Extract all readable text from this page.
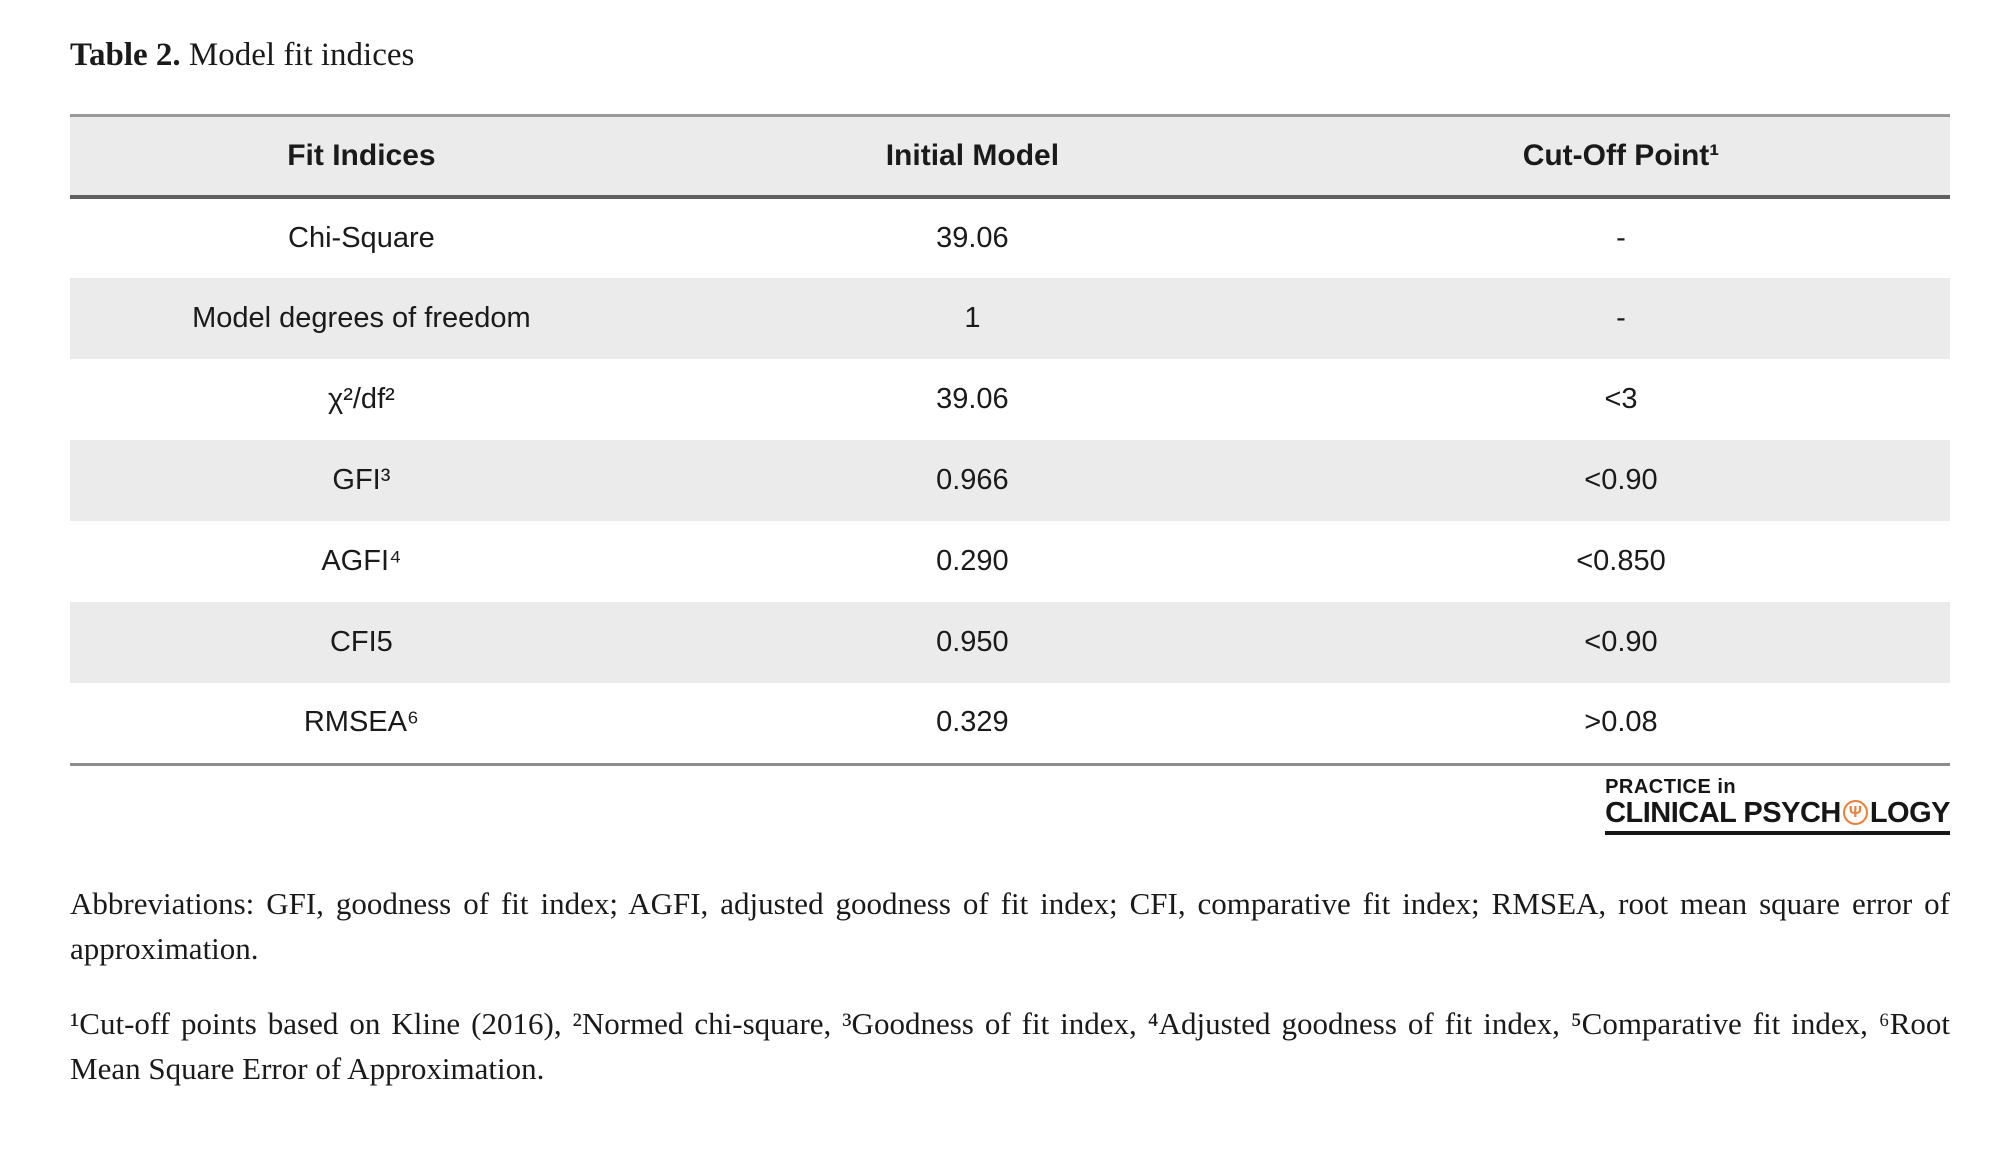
Table 2. Model fit indices
Fit Indices	Initial Model	Cut-Off Point¹
Chi-Square	39.06	-
Model degrees of freedom	1	-
χ²/df²	39.06	<3
GFI³	0.966	<0.90
AGFI⁴	0.290	<0.850
CFI5	0.950	<0.90
RMSEA⁶	0.329	>0.08
PRACTICE in
CLINICAL PSYCH Ψ LOGY

Abbreviations: GFI, goodness of fit index; AGFI, adjusted goodness of fit index; CFI, comparative fit index; RMSEA, root mean square error of approximation.

¹Cut-off points based on Kline (2016), ²Normed chi-square, ³Goodness of fit index, ⁴Adjusted goodness of fit index, ⁵Comparative fit index, ⁶Root Mean Square Error of Approximation.
